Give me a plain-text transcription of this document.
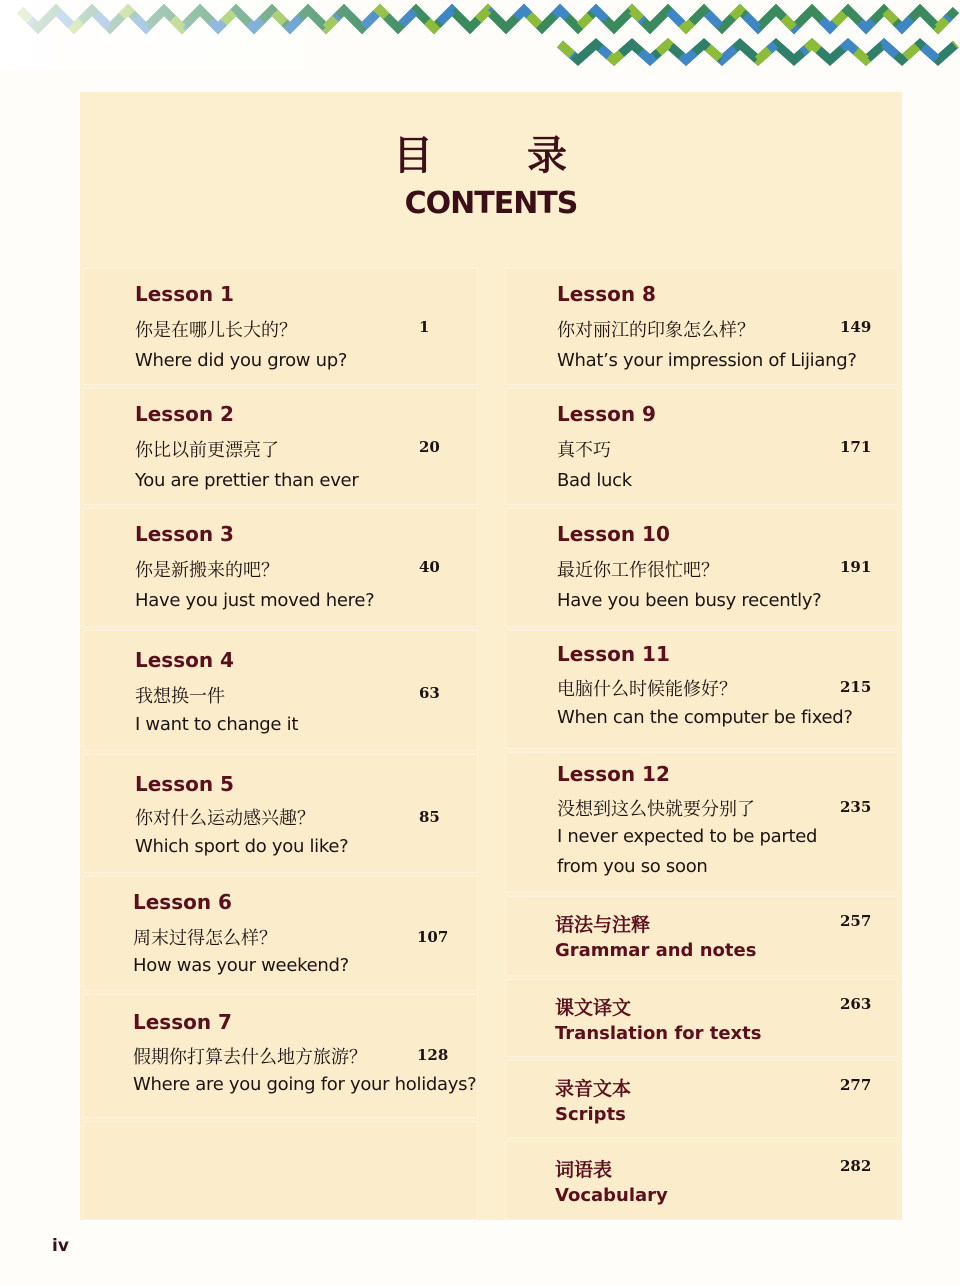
目 录
CONTENTS
Lesson 1
你是在哪儿长大的？
Where did you grow up?
1
Lesson 2
你比以前更漂亮了
You are prettier than ever
20
Lesson 3
你是新搬来的吧？
Have you just moved here?
40
Lesson 4
我想换一件
I want to change it
63
Lesson 5
你对什么运动感兴趣？
Which sport do you like?
85
Lesson 6
周末过得怎么样？
How was your weekend?
107
Lesson 7
假期你打算去什么地方旅游？
Where are you going for your holidays?
128
Lesson 8
你对丽江的印象怎么样？
What’s your impression of Lijiang?
149
Lesson 9
真不巧
Bad luck
171
Lesson 10
最近你工作很忙吧？
Have you been busy recently?
191
Lesson 11
电脑什么时候能修好？
When can the computer be fixed?
215
Lesson 12
没想到这么快就要分别了
I never expected to be parted from you so soon
235
语法与注释
Grammar and notes
257
课文译文
Translation for texts
263
录音文本
Scripts
277
词语表
Vocabulary
282
iv
